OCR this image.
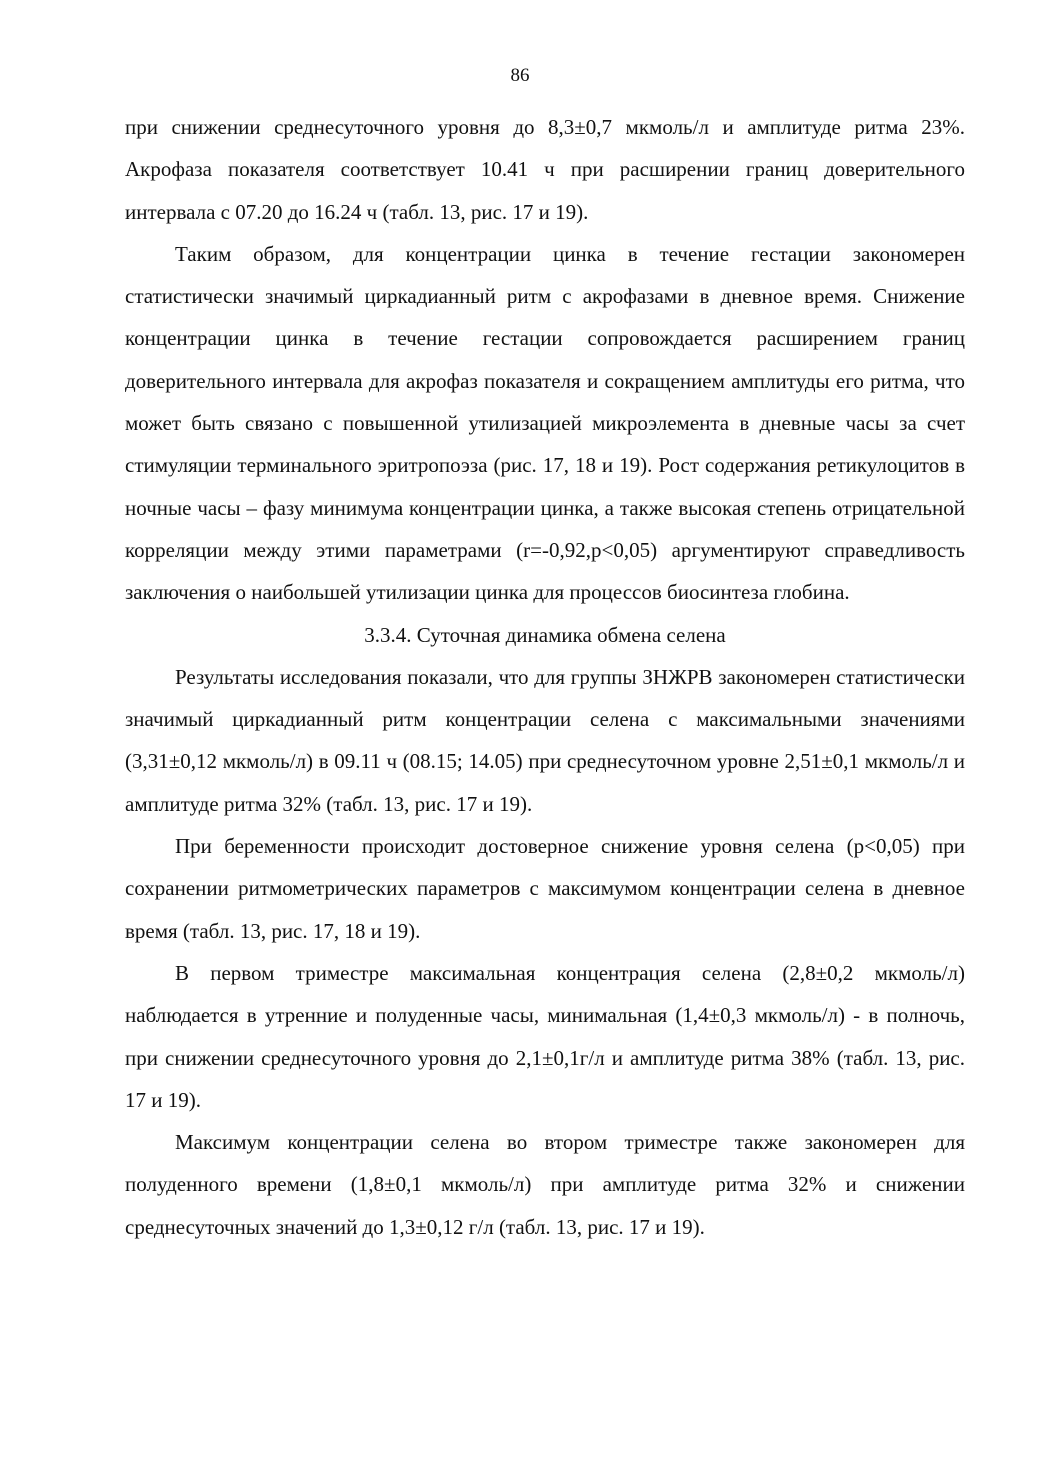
86

при снижении среднесуточного уровня до 8,3±0,7 мкмоль/л и амплитуде ритма 23%. Акрофаза показателя соответствует 10.41 ч при расширении границ доверительного интервала с 07.20 до 16.24 ч (табл. 13, рис. 17 и 19).

Таким образом, для концентрации цинка в течение гестации закономерен статистически значимый циркадианный ритм с акрофазами в дневное время. Снижение концентрации цинка в течение гестации сопровождается расширением границ доверительного интервала для акрофаз показателя и сокращением амплитуды его ритма, что может быть связано с повышенной утилизацией микроэлемента в дневные часы за счет стимуляции терминального эритропоэза (рис. 17, 18 и 19). Рост содержания ретикулоцитов в ночные часы – фазу минимума концентрации цинка, а также высокая степень отрицательной корреляции между этими параметрами (r=-0,92,p<0,05) аргументируют справедливость заключения о наибольшей утилизации цинка для процессов биосинтеза глобина.

3.3.4. Суточная динамика обмена селена

Результаты исследования показали, что для группы ЗНЖРВ закономерен статистически значимый циркадианный ритм концентрации селена с максимальными значениями (3,31±0,12 мкмоль/л) в 09.11 ч (08.15; 14.05) при среднесуточном уровне 2,51±0,1 мкмоль/л и амплитуде ритма 32% (табл. 13, рис. 17 и 19).

При беременности происходит достоверное снижение уровня селена (p<0,05) при сохранении ритмометрических параметров с максимумом концентрации селена в дневное время (табл. 13, рис. 17, 18 и 19).

В первом триместре максимальная концентрация селена (2,8±0,2 мкмоль/л) наблюдается в утренние и полуденные часы, минимальная (1,4±0,3 мкмоль/л) - в полночь, при снижении среднесуточного уровня до 2,1±0,1г/л и амплитуде ритма 38% (табл. 13, рис. 17 и 19).

Максимум концентрации селена во втором триместре также закономерен для полуденного времени (1,8±0,1 мкмоль/л) при амплитуде ритма 32% и снижении среднесуточных значений до 1,3±0,12 г/л (табл. 13, рис. 17 и 19).
